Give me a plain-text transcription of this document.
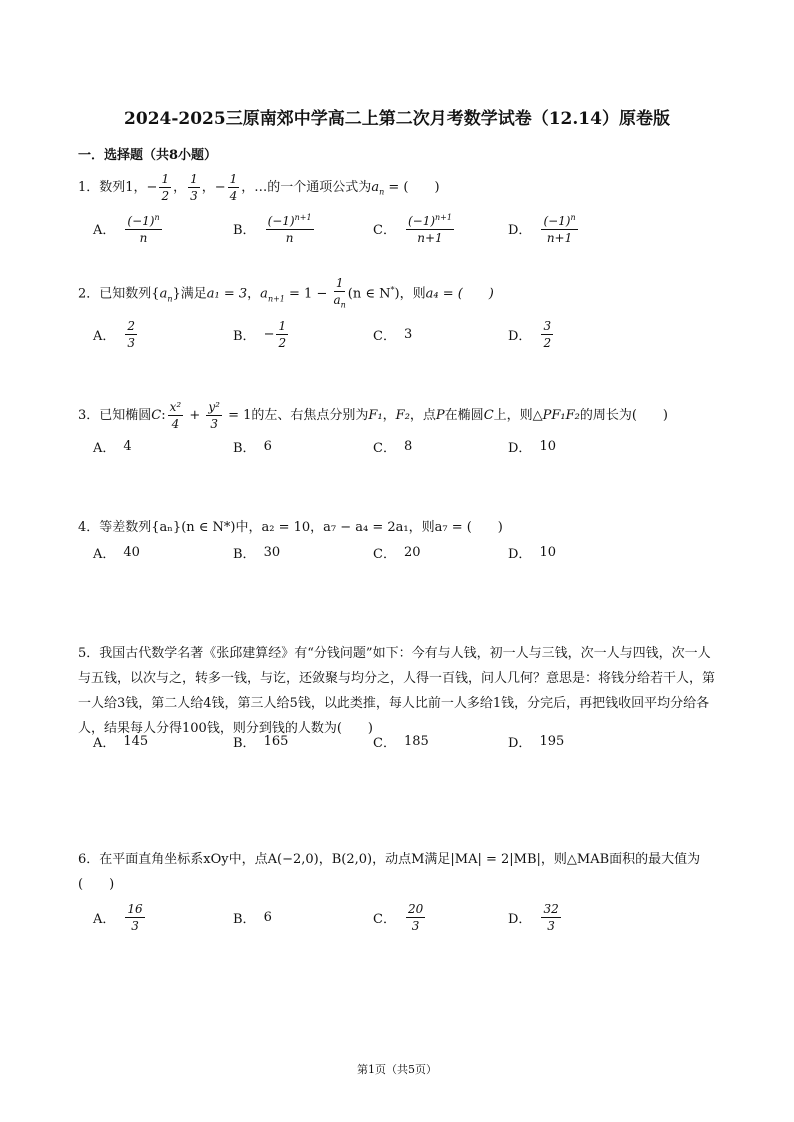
2024-2025三原南郊中学高二上第二次月考数学试卷（12.14）原卷版
一．选择题（共8小题）
1．数列1，− $\frac{1}{2}$ ， $\frac{1}{3}$ ，− $\frac{1}{4}$ ，…的一个通项公式为$a_n$ = (　　)
A． $\frac{(-1)^n}{n}$	B． $\frac{(-1)^{n+1}}{n}$	C． $\frac{(-1)^{n+1}}{n+1}$	D． $\frac{(-1)^n}{n+1}$
2．已知数列$\{a_n\}$满足a₁ = 3，$a_{n+1} = 1 - \frac{1}{a_n} (n$ ∈ N*)，则a₄ = (　　)
A． $\frac{2}{3}$	B． − $\frac{1}{2}$	C． 3	D． $\frac{3}{2}$
3．已知椭圆C: $\frac{\text{x²}}{4} + \frac{\text{y²}}{3} = 1$的左、右焦点分别为F₁，F₂，点P在椭圆C上，则△PF₁F₂的周长为(　　)
A． 4	B． 6	C． 8	D． 10
4．等差数列{aₙ}(n ∈ N*)中，a₂ = 10，a₇ − a₄ = 2a₁，则a₇ = (　　)
A． 40	B． 30	C． 20	D． 10
5．我国古代数学名著《张邱建算经》有“分钱问题”如下：今有与人钱，初一人与三钱，次一人与四钱，次一人与五钱，以次与之，转多一钱，与讫，还敛聚与均分之，人得一百钱，问人几何？意思是：将钱分给若干人，第一人给3钱，第二人给4钱，第三人给5钱，以此类推，每人比前一人多给1钱，分完后，再把钱收回平均分给各人，结果每人分得100钱，则分到钱的人数为(　　)
A． 145	B． 165	C． 185	D． 195
6．在平面直角坐标系xOy中，点A(−2,0)，B(2,0)，动点M满足|MA| = 2|MB|，则△MAB面积的最大值为(　　)
A． $\frac{16}{3}$	B． 6	C． $\frac{20}{3}$	D． $\frac{32}{3}$
第1页（共5页）
